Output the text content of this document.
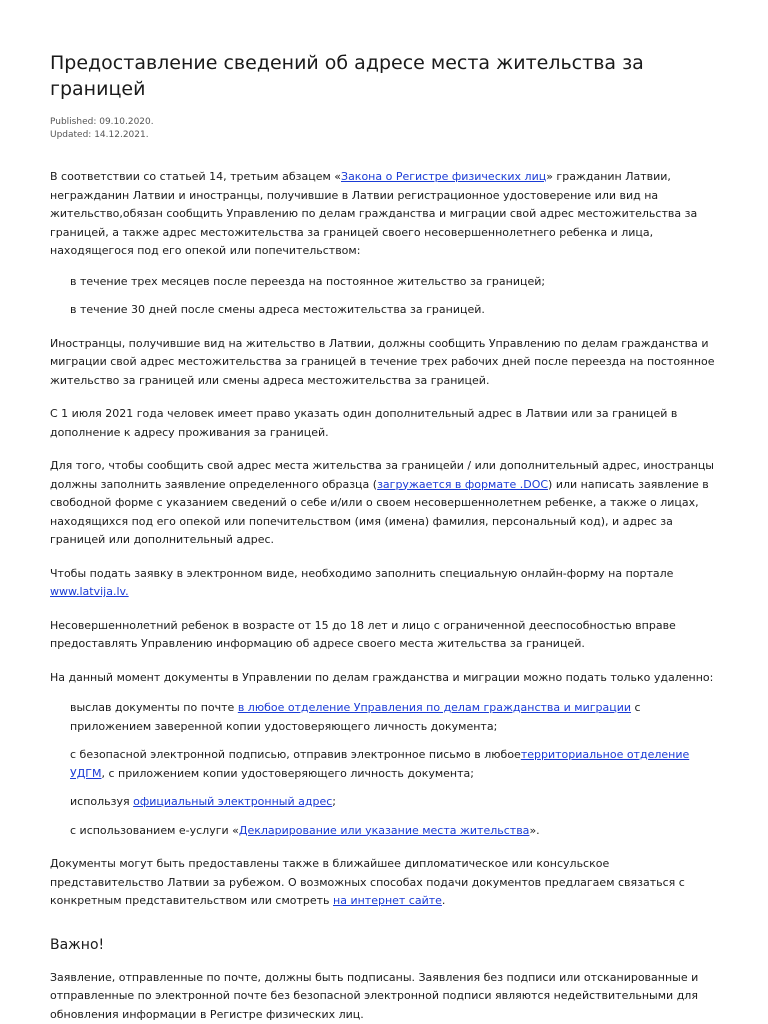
Предоставление сведений об адресе места жительства за границей
Published: 09.10.2020.
Updated: 14.12.2021.

В соответствии со статьей 14, третьим абзацем «Закона о Регистре физических лиц» гражданин Латвии, негражданин Латвии и иностранцы, получившие в Латвии регистрационное удостоверение или вид на жительство,обязан сообщить Управлению по делам гражданства и миграции свой адрес местожительства за границей, а также адрес местожительства за границей своего несовершеннолетнего ребенка и лица, находящегося под его опекой или попечительством:

в течение трех месяцев после переезда на постоянное жительство за границей;
в течение 30 дней после смены адреса местожительства за границей.

Иностранцы, получившие вид на жительство в Латвии, должны сообщить Управлению по делам гражданства и миграции свой адрес местожительства за границей в течение трех рабочих дней после переезда на постоянное жительство за границей или смены адреса местожительства за границей.

С 1 июля 2021 года человек имеет право указать один дополнительный адрес в Латвии или за границей в дополнение к адресу проживания за границей.

Для того, чтобы сообщить свой адрес места жительства за границейи / или дополнительный адрес, иностранцы должны заполнить заявление определенного образца (загружается в формате .DOC) или написать заявление в свободной форме с указанием сведений о себе и/или о своем несовершеннолетнем ребенке, а также о лицах, находящихся под его опекой или попечительством (имя (имена) фамилия, персональный код), и адрес за границей или дополнительный адрес.

Чтобы подать заявку в электронном виде, необходимо заполнить специальную онлайн-форму на портале www.latvija.lv.

Несовершеннолетний ребенок в возрасте от 15 до 18 лет и лицо с ограниченной дееспособностью вправе предоставлять Управлению информацию об адресе своего места жительства за границей.

На данный момент документы в Управлении по делам гражданства и миграции можно подать только удаленно:

выслав документы по почте в любое отделение Управления по делам гражданства и миграции с приложением заверенной копии удостоверяющего личность документа;
с безопасной электронной подписью, отправив электронное письмо в любоетерриториальное отделение УДГМ, с приложением копии удостоверяющего личность документа;
используя официальный электронный адрес;
с использованием е-услуги «Декларирование или указание места жительства».

Документы могут быть предоставлены также в ближайшее дипломатическое или консульское представительство Латвии за рубежом. О возможных способах подачи документов предлагаем связаться с конкретным представительством или смотреть на интернет сайте.

Важно!

Заявление, отправленные по почте, должны быть подписаны. Заявления без подписи или отсканированные и отправленные по электронной почте без безопасной электронной подписи являются недействительными для обновления информации в Регистре физических лиц.
